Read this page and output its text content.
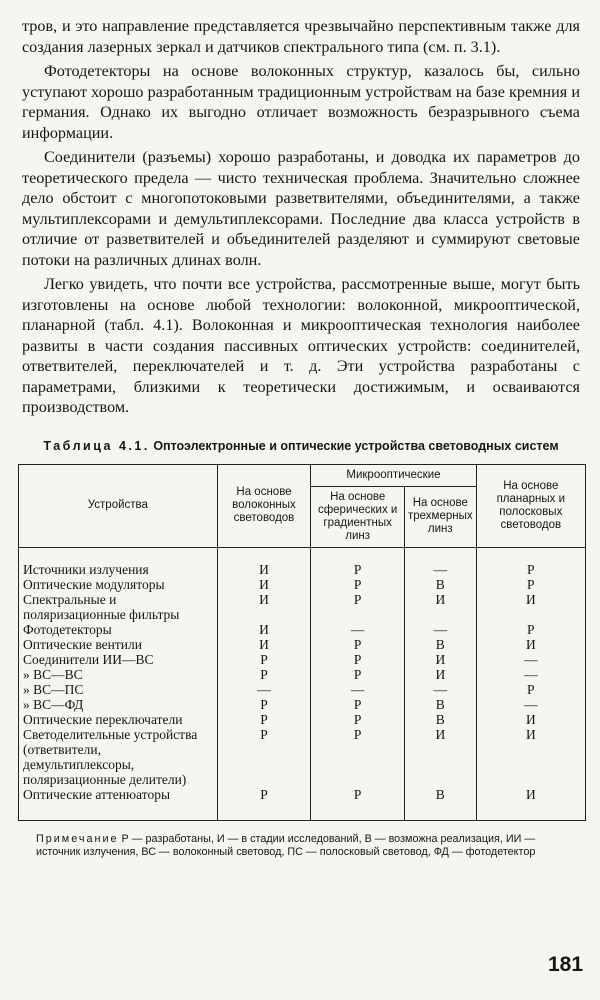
тров, и это направление представляется чрезвычайно перспективным также для создания лазерных зеркал и датчиков спектрального типа (см. п. 3.1).

Фотодетекторы на основе волоконных структур, казалось бы, сильно уступают хорошо разработанным традиционным устройствам на базе кремния и германия. Однако их выгодно отличает возможность безразрывного съема информации.

Соединители (разъемы) хорошо разработаны, и доводка их параметров до теоретического предела — чисто техническая проблема. Значительно сложнее дело обстоит с многопотоковыми разветвителями, объединителями, а также мультиплексорами и демультиплексорами. Последние два класса устройств в отличие от разветвителей и объединителей разделяют и суммируют световые потоки на различных длинах волн.

Легко увидеть, что почти все устройства, рассмотренные выше, могут быть изготовлены на основе любой технологии: волоконной, микрооптической, планарной (табл. 4.1). Волоконная и микрооптическая технология наиболее развиты в части создания пассивных оптических устройств: соединителей, ответвителей, переключателей и т. д. Эти устройства разработаны с параметрами, близкими к теоретически достижимым, и осваиваются производством.

Таблица 4.1. Оптоэлектронные и оптические устройства световодных систем
Устройства	На основе волоконных световодов	Микрооптические		На основе планарных и полосковых световодов
		На основе сферических и градиентных линз	На основе трехмерных линз	
Источники излучения	И	Р	—	Р
Оптические модуляторы	И	Р	В	Р
Спектральные и поляризационные фильтры	И	Р	И	И
Фотодетекторы	И	—	—	Р
Оптические вентили	И	Р	В	И
Соединители ИИ—ВС	Р	Р	И	—
» ВС—ВС	Р	Р	И	—
» ВС—ПС	—	—	—	Р
» ВС—ФД	Р	Р	В	—
Оптические переключатели	Р	Р	В	И
Светоделительные устройства (ответвители, демультиплексоры, поляризационные делители)	Р	Р	И	И
Оптические аттенюаторы	Р	Р	В	И
Примечание Р — разработаны, И — в стадии исследований, В — возможна реализация, ИИ — источник излучения, ВС — волоконный световод, ПС — полосковый световод, ФД — фотодетектор
181
